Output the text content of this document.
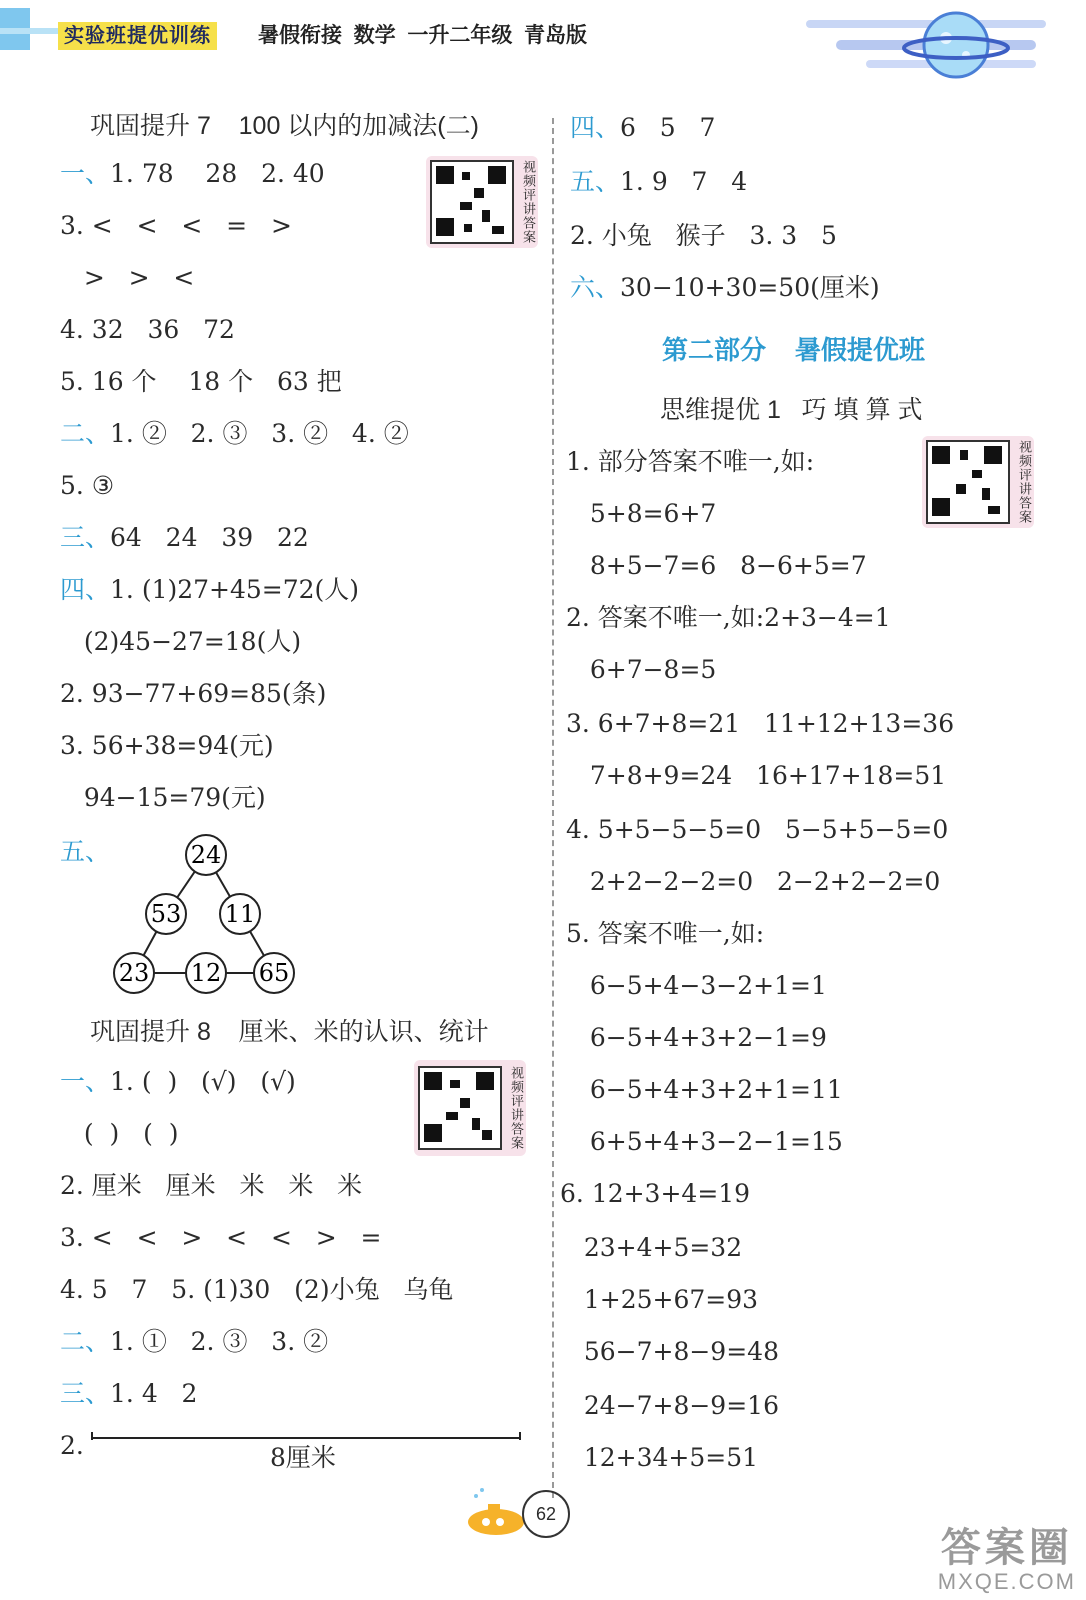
实验班提优训练 暑假衔接  数学  一升二年级  青岛版
巩固提升 7    100 以内的加减法(二)
一、1. 78    28   2. 40
3. <   <   <   =   >
>   >   <
4. 32   36   72
5. 16 个    18 个   63 把
二、1. ②   2. ③   3. ②   4. ②
5. ③
三、64   24   39   22
四、1. (1)27+45=72(人)
(2)45−27=18(人)
2. 93−77+69=85(条)
3. 56+38=94(元)
94−15=79(元)
五、	24
53 11
23 12 65
巩固提升 8    厘米、米的认识、统计
一、1. (  )   (√)   (√)
(  )   (  )
2. 厘米   厘米   米   米   米
3. <   <   >   <   <   >   =
4. 5   7   5. (1)30   (2)小兔   乌龟
二、1. ①   2. ③   3. ②
三、1. 4   2
2.	8厘米
四、6   5   7
五、1. 9   7   4
2. 小兔   猴子   3. 3   5
六、30−10+30=50(厘米)
第二部分    暑假提优班
思维提优 1   巧 填 算 式
1. 部分答案不唯一,如:
5+8=6+7
8+5−7=6   8−6+5=7
2. 答案不唯一,如:2+3−4=1
6+7−8=5
3. 6+7+8=21   11+12+13=36
7+8+9=24   16+17+18=51
4. 5+5−5−5=0   5−5+5−5=0
2+2−2−2=0   2−2+2−2=0
5. 答案不唯一,如:
6−5+4−3−2+1=1
6−5+4+3+2−1=9
6−5+4+3+2+1=11
6+5+4+3−2−1=15
6. 12+3+4=19
23+4+5=32
1+25+67=93
56−7+8−9=48
24−7+8−9=16
12+34+5=51
视频评讲答案
视频评讲答案
视频评讲答案
62
答案圈
MXQE.COM
